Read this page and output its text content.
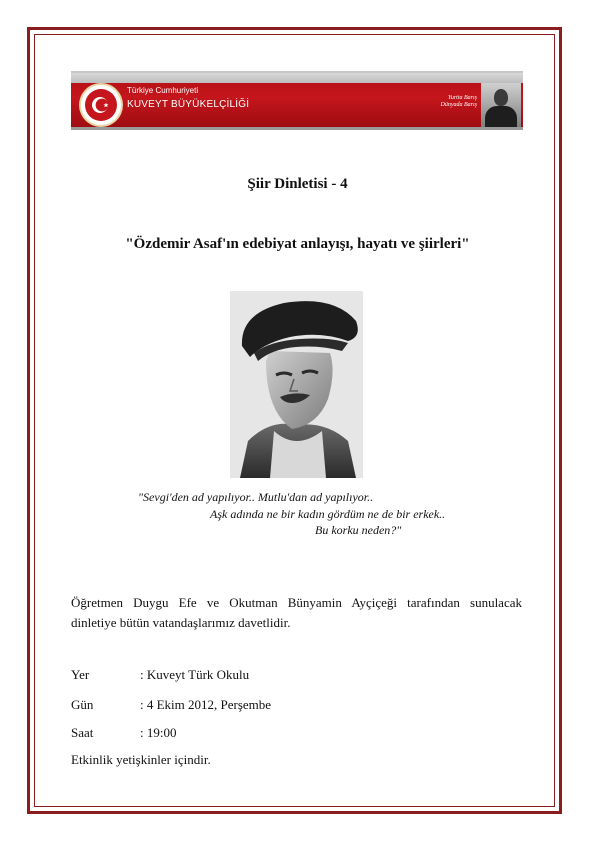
Türkiye Cumhuriyeti
KUVEYT BÜYÜKELÇİLİĞİ
Yurtta Barış
Dünyada Barış
Şiir Dinletisi - 4
"Özdemir Asaf'ın edebiyat anlayışı, hayatı ve şiirleri"
"Sevgi'den ad yapılıyor.. Mutlu'dan ad yapılıyor..
Aşk adında ne bir kadın gördüm ne de bir erkek..
Bu korku neden?"
Öğretmen Duygu Efe ve Okutman Bünyamin Ayçiçeği tarafından sunulacak
dinletiye bütün vatandaşlarımız davetlidir.
Yer	: Kuveyt Türk Okulu
Gün	: 4 Ekim 2012, Perşembe
Saat	: 19:00
Etkinlik yetişkinler içindir.
